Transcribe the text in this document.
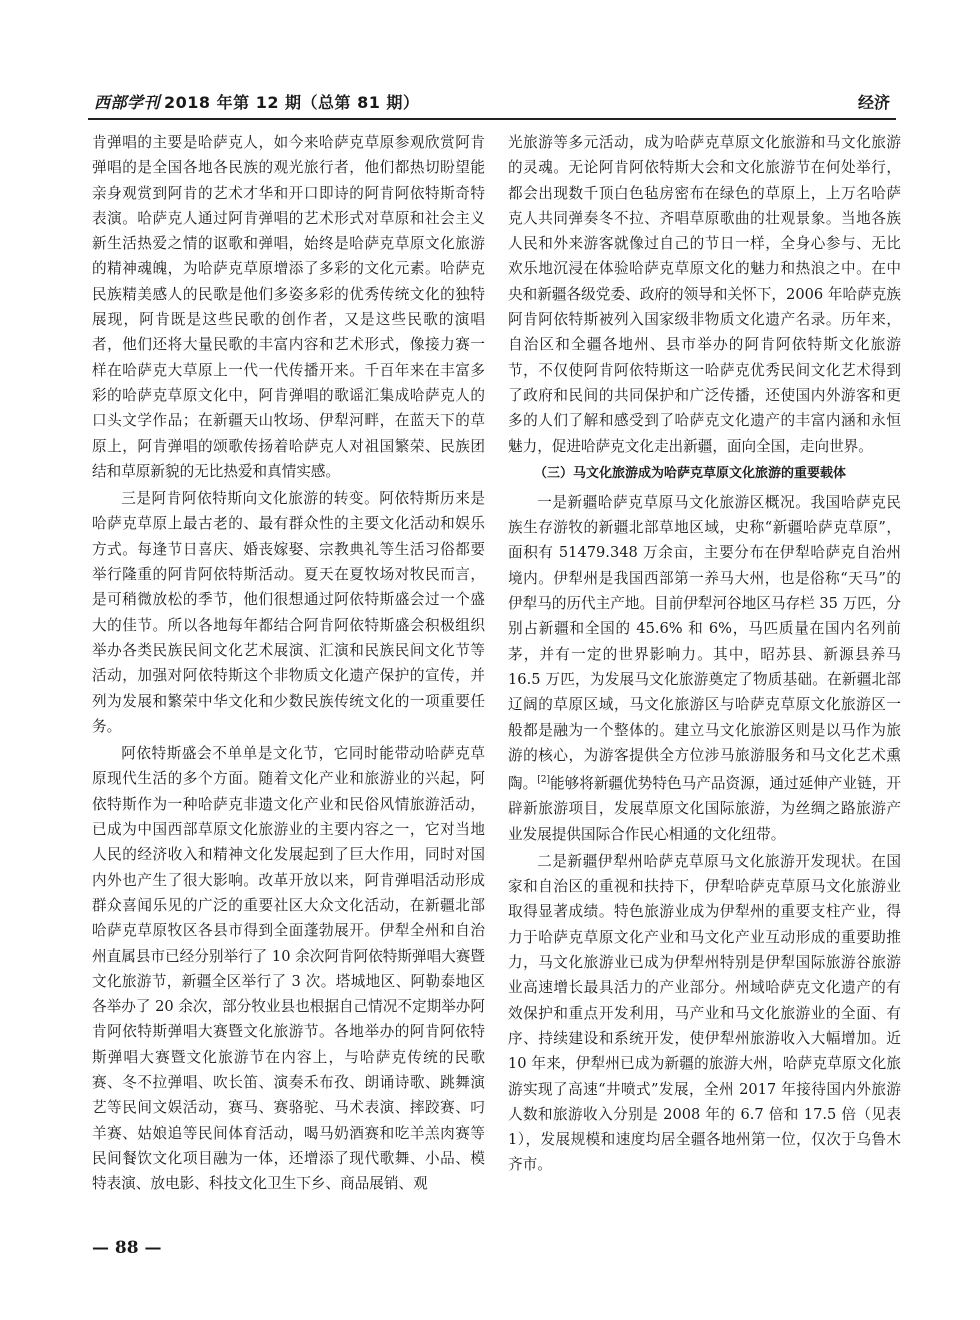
西部学刊 2018 年第 12 期（总第 81 期）	经济

肯弹唱的主要是哈萨克人，如今来哈萨克草原参观欣赏阿肯弹唱的是全国各地各民族的观光旅行者，他们都热切盼望能亲身观赏到阿肯的艺术才华和开口即诗的阿肯阿依特斯奇特表演。哈萨克人通过阿肯弹唱的艺术形式对草原和社会主义新生活热爱之情的讴歌和弹唱，始终是哈萨克草原文化旅游的精神魂魄，为哈萨克草原增添了多彩的文化元素。哈萨克民族精美感人的民歌是他们多姿多彩的优秀传统文化的独特展现，阿肯既是这些民歌的创作者，又是这些民歌的演唱者，他们还将大量民歌的丰富内容和艺术形式，像接力赛一样在哈萨克大草原上一代一代传播开来。千百年来在丰富多彩的哈萨克草原文化中，阿肯弹唱的歌谣汇集成哈萨克人的口头文学作品；在新疆天山牧场、伊犁河畔，在蓝天下的草原上，阿肯弹唱的颂歌传扬着哈萨克人对祖国繁荣、民族团结和草原新貌的无比热爱和真情实感。

三是阿肯阿依特斯向文化旅游的转变。阿依特斯历来是哈萨克草原上最古老的、最有群众性的主要文化活动和娱乐方式。每逢节日喜庆、婚丧嫁娶、宗教典礼等生活习俗都要举行隆重的阿肯阿依特斯活动。夏天在夏牧场对牧民而言，是可稍微放松的季节，他们很想通过阿依特斯盛会过一个盛大的佳节。所以各地每年都结合阿肯阿依特斯盛会积极组织举办各类民族民间文化艺术展演、汇演和民族民间文化节等活动，加强对阿依特斯这个非物质文化遗产保护的宣传，并列为发展和繁荣中华文化和少数民族传统文化的一项重要任务。

阿依特斯盛会不单单是文化节，它同时能带动哈萨克草原现代生活的多个方面。随着文化产业和旅游业的兴起，阿依特斯作为一种哈萨克非遗文化产业和民俗风情旅游活动，已成为中国西部草原文化旅游业的主要内容之一，它对当地人民的经济收入和精神文化发展起到了巨大作用，同时对国内外也产生了很大影响。改革开放以来，阿肯弹唱活动形成群众喜闻乐见的广泛的重要社区大众文化活动，在新疆北部哈萨克草原牧区各县市得到全面蓬勃展开。伊犁全州和自治州直属县市已经分别举行了 10 余次阿肯阿依特斯弹唱大赛暨文化旅游节，新疆全区举行了 3 次。塔城地区、阿勒泰地区各举办了 20 余次，部分牧业县也根据自己情况不定期举办阿肯阿依特斯弹唱大赛暨文化旅游节。各地举办的阿肯阿依特斯弹唱大赛暨文化旅游节在内容上，与哈萨克传统的民歌赛、冬不拉弹唱、吹长笛、演奏禾布孜、朗诵诗歌、跳舞演艺等民间文娱活动，赛马、赛骆驼、马术表演、摔跤赛、叼羊赛、姑娘追等民间体育活动，喝马奶酒赛和吃羊羔肉赛等民间餐饮文化项目融为一体，还增添了现代歌舞、小品、模特表演、放电影、科技文化卫生下乡、商品展销、观

光旅游等多元活动，成为哈萨克草原文化旅游和马文化旅游的灵魂。无论阿肯阿依特斯大会和文化旅游节在何处举行，都会出现数千顶白色毡房密布在绿色的草原上，上万名哈萨克人共同弹奏冬不拉、齐唱草原歌曲的壮观景象。当地各族人民和外来游客就像过自己的节日一样，全身心参与、无比欢乐地沉浸在体验哈萨克草原文化的魅力和热浪之中。在中央和新疆各级党委、政府的领导和关怀下，2006 年哈萨克族阿肯阿依特斯被列入国家级非物质文化遗产名录。历年来，自治区和全疆各地州、县市举办的阿肯阿依特斯文化旅游节，不仅使阿肯阿依特斯这一哈萨克优秀民间文化艺术得到了政府和民间的共同保护和广泛传播，还使国内外游客和更多的人们了解和感受到了哈萨克文化遗产的丰富内涵和永恒魅力，促进哈萨克文化走出新疆，面向全国，走向世界。

（三）马文化旅游成为哈萨克草原文化旅游的重要载体

一是新疆哈萨克草原马文化旅游区概况。我国哈萨克民族生存游牧的新疆北部草地区域，史称“新疆哈萨克草原”，面积有 51479.348 万余亩，主要分布在伊犁哈萨克自治州境内。伊犁州是我国西部第一养马大州，也是俗称“天马”的伊犁马的历代主产地。目前伊犁河谷地区马存栏 35 万匹，分别占新疆和全国的 45.6% 和 6%，马匹质量在国内名列前茅，并有一定的世界影响力。其中，昭苏县、新源县养马 16.5 万匹，为发展马文化旅游奠定了物质基础。在新疆北部辽阔的草原区域，马文化旅游区与哈萨克草原文化旅游区一般都是融为一个整体的。建立马文化旅游区则是以马作为旅游的核心，为游客提供全方位涉马旅游服务和马文化艺术熏陶。[2]能够将新疆优势特色马产品资源，通过延伸产业链，开辟新旅游项目，发展草原文化国际旅游，为丝绸之路旅游产业发展提供国际合作民心相通的文化纽带。

二是新疆伊犁州哈萨克草原马文化旅游开发现状。在国家和自治区的重视和扶持下，伊犁哈萨克草原马文化旅游业取得显著成绩。特色旅游业成为伊犁州的重要支柱产业，得力于哈萨克草原文化产业和马文化产业互动形成的重要助推力，马文化旅游业已成为伊犁州特别是伊犁国际旅游谷旅游业高速增长最具活力的产业部分。州域哈萨克文化遗产的有效保护和重点开发利用，马产业和马文化旅游业的全面、有序、持续建设和系统开发，使伊犁州旅游收入大幅增加。近 10 年来，伊犁州已成为新疆的旅游大州，哈萨克草原文化旅游实现了高速“井喷式”发展，全州 2017 年接待国内外旅游人数和旅游收入分别是 2008 年的 6.7 倍和 17.5 倍（见表 1），发展规模和速度均居全疆各地州第一位，仅次于乌鲁木齐市。

— 88 —
